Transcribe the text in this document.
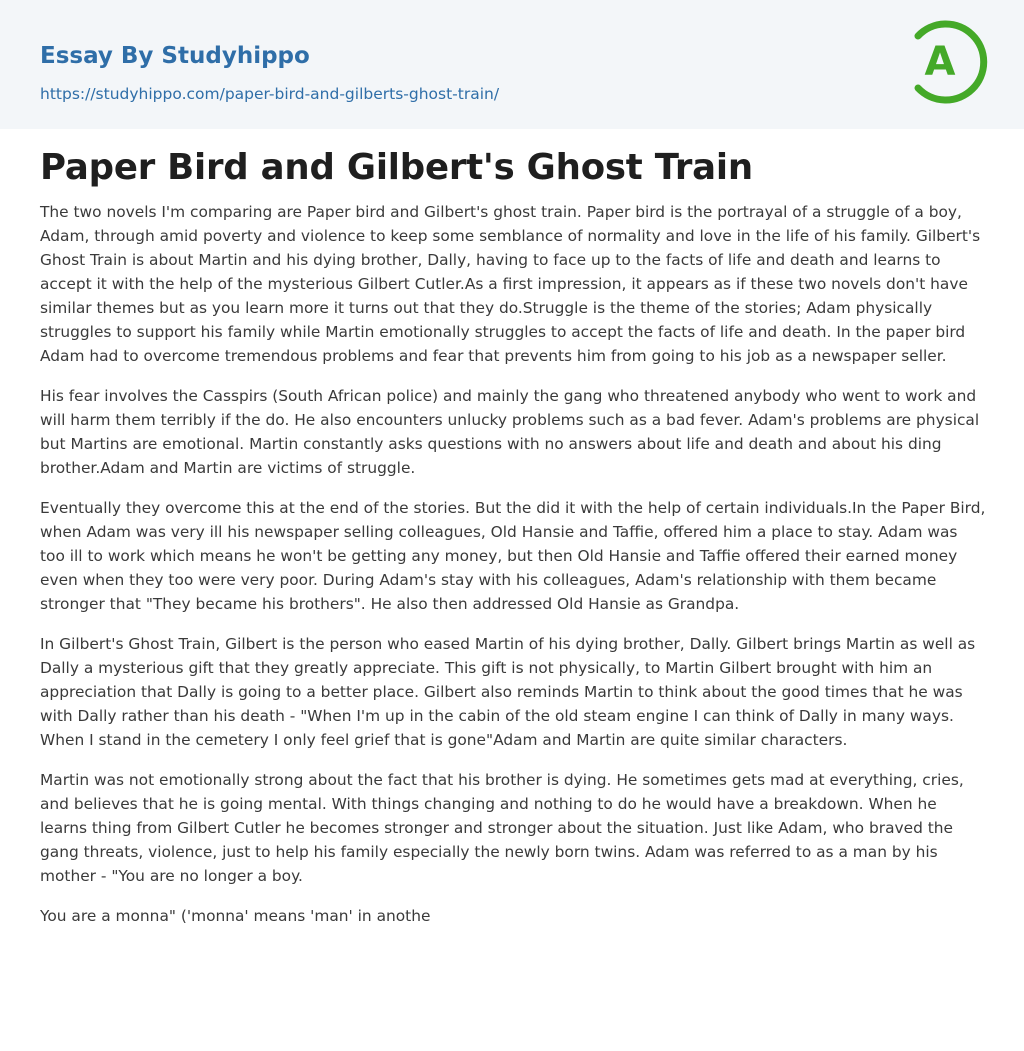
Essay By Studyhippo
https://studyhippo.com/paper-bird-and-gilberts-ghost-train/
A
Paper Bird and Gilbert's Ghost Train

The two novels I'm comparing are Paper bird and Gilbert's ghost train. Paper bird is the portrayal of a struggle of a boy, Adam, through amid poverty and violence to keep some semblance of normality and love in the life of his family. Gilbert's Ghost Train is about Martin and his dying brother, Dally, having to face up to the facts of life and death and learns to accept it with the help of the mysterious Gilbert Cutler.As a first impression, it appears as if these two novels don't have similar themes but as you learn more it turns out that they do.Struggle is the theme of the stories; Adam physically struggles to support his family while Martin emotionally struggles to accept the facts of life and death. In the paper bird Adam had to overcome tremendous problems and fear that prevents him from going to his job as a newspaper seller.

His fear involves the Casspirs (South African police) and mainly the gang who threatened anybody who went to work and will harm them terribly if the do. He also encounters unlucky problems such as a bad fever. Adam's problems are physical but Martins are emotional. Martin constantly asks questions with no answers about life and death and about his ding brother.Adam and Martin are victims of struggle.

Eventually they overcome this at the end of the stories. But the did it with the help of certain individuals.In the Paper Bird, when Adam was very ill his newspaper selling colleagues, Old Hansie and Taffie, offered him a place to stay. Adam was too ill to work which means he won't be getting any money, but then Old Hansie and Taffie offered their earned money even when they too were very poor. During Adam's stay with his colleagues, Adam's relationship with them became stronger that "They became his brothers". He also then addressed Old Hansie as Grandpa.

In Gilbert's Ghost Train, Gilbert is the person who eased Martin of his dying brother, Dally. Gilbert brings Martin as well as Dally a mysterious gift that they greatly appreciate. This gift is not physically, to Martin Gilbert brought with him an appreciation that Dally is going to a better place. Gilbert also reminds Martin to think about the good times that he was with Dally rather than his death - "When I'm up in the cabin of the old steam engine I can think of Dally in many ways. When I stand in the cemetery I only feel grief that is gone"Adam and Martin are quite similar characters.

Martin was not emotionally strong about the fact that his brother is dying. He sometimes gets mad at everything, cries, and believes that he is going mental. With things changing and nothing to do he would have a breakdown. When he learns thing from Gilbert Cutler he becomes stronger and stronger about the situation. Just like Adam, who braved the gang threats, violence, just to help his family especially the newly born twins. Adam was referred to as a man by his mother - "You are no longer a boy.

You are a monna" ('monna' means 'man' in anothe
